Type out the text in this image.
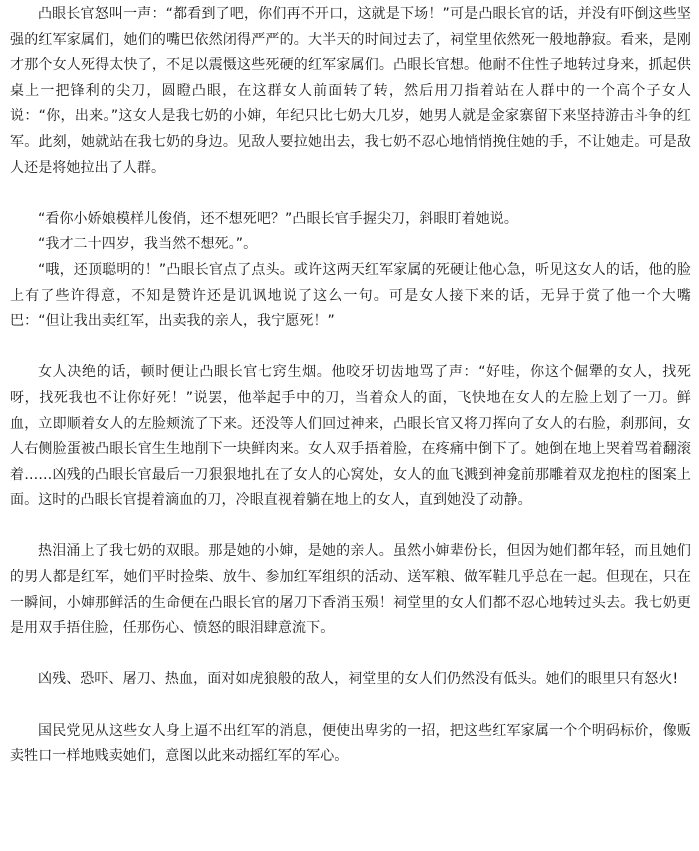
凸眼长官怒叫一声：“都看到了吧，你们再不开口，这就是下场！”可是凸眼长官的话，并没有吓倒这些坚强的红军家属们，她们的嘴巴依然闭得严严的。大半天的时间过去了，祠堂里依然死一般地静寂。看来，是刚才那个女人死得太快了，不足以震慑这些死硬的红军家属们。凸眼长官想。他耐不住性子地转过身来，抓起供桌上一把锋利的尖刀，圆瞪凸眼，在这群女人前面转了转，然后用刀指着站在人群中的一个高个子女人说：“你，出来。”这女人是我七奶的小婶，年纪只比七奶大几岁，她男人就是金家寨留下来坚持游击斗争的红军。此刻，她就站在我七奶的身边。见敌人要拉她出去，我七奶不忍心地悄悄挽住她的手，不让她走。可是敌人还是将她拉出了人群。

“看你小娇娘模样儿俊俏，还不想死吧？”凸眼长官手握尖刀，斜眼盯着她说。

“我才二十四岁，我当然不想死。”。

“哦，还顶聪明的！”凸眼长官点了点头。或许这两天红军家属的死硬让他心急，听见这女人的话，他的脸上有了些许得意，不知是赞许还是讥讽地说了这么一句。可是女人接下来的话，无异于赏了他一个大嘴巴：“但让我出卖红军，出卖我的亲人，我宁愿死！”

女人决绝的话，顿时便让凸眼长官七窍生烟。他咬牙切齿地骂了声：“好哇，你这个倔犟的女人，找死呀，找死我也不让你好死！”说罢，他举起手中的刀，当着众人的面，飞快地在女人的左脸上划了一刀。鲜血，立即顺着女人的左脸颊流了下来。还没等人们回过神来，凸眼长官又将刀挥向了女人的右脸，刹那间，女人右侧脸蛋被凸眼长官生生地削下一块鲜肉来。女人双手捂着脸，在疼痛中倒下了。她倒在地上哭着骂着翻滚着……凶残的凸眼长官最后一刀狠狠地扎在了女人的心窝处，女人的血飞溅到神龛前那雕着双龙抱柱的图案上面。这时的凸眼长官提着滴血的刀，冷眼直视着躺在地上的女人，直到她没了动静。

热泪涌上了我七奶的双眼。那是她的小婶，是她的亲人。虽然小婶辈份长，但因为她们都年轻，而且她们的男人都是红军，她们平时捡柴、放牛、参加红军组织的活动、送军粮、做军鞋几乎总在一起。但现在，只在一瞬间，小婶那鲜活的生命便在凸眼长官的屠刀下香消玉殒！祠堂里的女人们都不忍心地转过头去。我七奶更是用双手捂住脸，任那伤心、愤怒的眼泪肆意流下。

凶残、恐吓、屠刀、热血，面对如虎狼般的敌人，祠堂里的女人们仍然没有低头。她们的眼里只有怒火!

国民党见从这些女人身上逼不出红军的消息，便使出卑劣的一招，把这些红军家属一个个明码标价，像贩卖牲口一样地贱卖她们，意图以此来动摇红军的军心。
